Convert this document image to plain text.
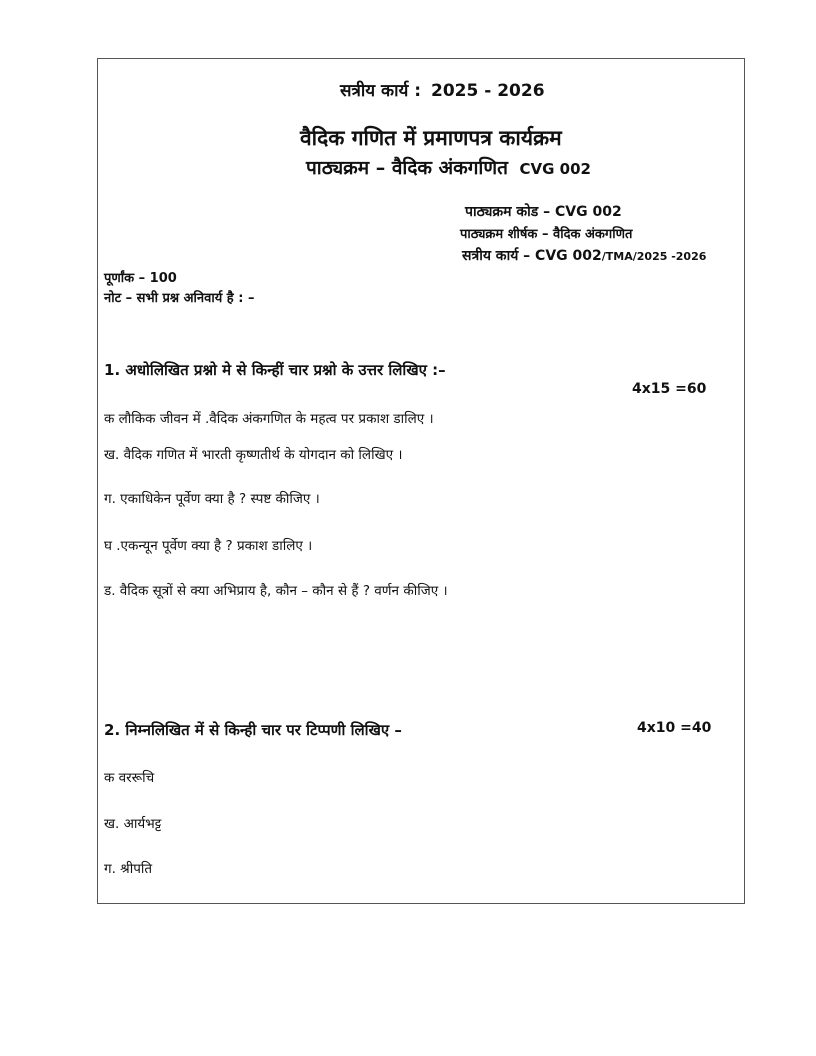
सत्रीय कार्य : 2025 - 2026
वैदिक गणित में प्रमाणपत्र कार्यक्रम
पाठ्यक्रम – वैदिक अंकगणित CVG 002
पाठ्यक्रम कोड – CVG 002
पाठ्यक्रम शीर्षक – वैदिक अंकगणित
सत्रीय कार्य – CVG 002/TMA/2025 -2026
पूर्णांक – 100
नोट – सभी प्रश्न अनिवार्य है : –
1. अधोलिखित प्रश्नो मे से किन्हीं चार प्रश्नो के उत्तर लिखिए :–
4x15 =60
क लौकिक जीवन में .वैदिक अंकगणित के महत्व पर प्रकाश डालिए ।
ख. वैदिक गणित में भारती कृष्णतीर्थ के योगदान को लिखिए ।
ग. एकाधिकेन पूर्वेण क्या है ? स्पष्ट कीजिए ।
घ .एकन्यून पूर्वेण क्या है ? प्रकाश डालिए ।
ड. वैदिक सूत्रों से क्या अभिप्राय है, कौन – कौन से हैं ? वर्णन कीजिए ।
2. निम्नलिखित में से किन्ही चार पर टिप्पणी लिखिए –	4x10 =40
क वररूचि
ख. आर्यभट्ट
ग. श्रीपति
